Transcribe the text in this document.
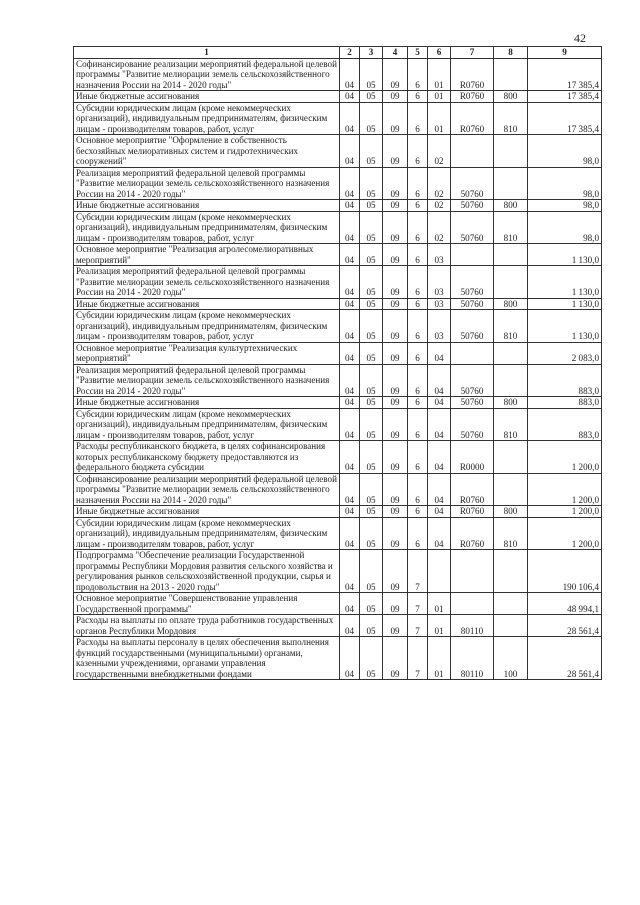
42
1	2	3	4	5	6	7	8	9
Софинансирование реализации мероприятий федеральной целевой программы "Развитие мелиорации земель сельскохозяйственного назначения России на 2014 - 2020 годы"	04	05	09	6	01	R0760		17 385,4
Иные бюджетные ассигнования	04	05	09	6	01	R0760	800	17 385,4
Субсидии юридическим лицам (кроме некоммерческих организаций), индивидуальным предпринимателям, физическим лицам - производителям товаров, работ, услуг	04	05	09	6	01	R0760	810	17 385,4
Основное мероприятие "Оформление в собственность бесхозяйных мелиоративных систем и гидротехнических сооружений"	04	05	09	6	02			98,0
Реализация мероприятий федеральной целевой программы "Развитие мелиорации земель сельскохозяйственного назначения России на 2014 - 2020 годы"	04	05	09	6	02	50760		98,0
Иные бюджетные ассигнования	04	05	09	6	02	50760	800	98,0
Субсидии юридическим лицам (кроме некоммерческих организаций), индивидуальным предпринимателям, физическим лицам - производителям товаров, работ, услуг	04	05	09	6	02	50760	810	98,0
Основное мероприятие "Реализация агролесомелиоративных мероприятий"	04	05	09	6	03			1 130,0
Реализация мероприятий федеральной целевой программы "Развитие мелиорации земель сельскохозяйственного назначения России на 2014 - 2020 годы"	04	05	09	6	03	50760		1 130,0
Иные бюджетные ассигнования	04	05	09	6	03	50760	800	1 130,0
Субсидии юридическим лицам (кроме некоммерческих организаций), индивидуальным предпринимателям, физическим лицам - производителям товаров, работ, услуг	04	05	09	6	03	50760	810	1 130,0
Основное мероприятие "Реализация культуртехнических мероприятий"	04	05	09	6	04			2 083,0
Реализация мероприятий федеральной целевой программы "Развитие мелиорации земель сельскохозяйственного назначения России на 2014 - 2020 годы"	04	05	09	6	04	50760		883,0
Иные бюджетные ассигнования	04	05	09	6	04	50760	800	883,0
Субсидии юридическим лицам (кроме некоммерческих организаций), индивидуальным предпринимателям, физическим лицам - производителям товаров, работ, услуг	04	05	09	6	04	50760	810	883,0
Расходы республиканского бюджета, в целях софинансирования которых республиканскому бюджету предоставляются из федерального бюджета субсидии	04	05	09	6	04	R0000		1 200,0
Софинансирование реализации мероприятий федеральной целевой программы "Развитие мелиорации земель сельскохозяйственного назначения России на 2014 - 2020 годы"	04	05	09	6	04	R0760		1 200,0
Иные бюджетные ассигнования	04	05	09	6	04	R0760	800	1 200,0
Субсидии юридическим лицам (кроме некоммерческих организаций), индивидуальным предпринимателям, физическим лицам - производителям товаров, работ, услуг	04	05	09	6	04	R0760	810	1 200,0
Подпрограмма "Обеспечение реализации Государственной программы Республики Мордовия развития сельского хозяйства и регулирования рынков сельскохозяйственной продукции, сырья и продовольствия на 2013 - 2020 годы"	04	05	09	7				190 106,4
Основное мероприятие "Совершенствование управления Государственной программы"	04	05	09	7	01			48 994,1
Расходы на выплаты по оплате труда работников государственных органов Республики Мордовия	04	05	09	7	01	80110		28 561,4
Расходы на выплаты персоналу в целях обеспечения выполнения функций государственными (муниципальными) органами, казенными учреждениями, органами управления государственными внебюджетными фондами	04	05	09	7	01	80110	100	28 561,4
